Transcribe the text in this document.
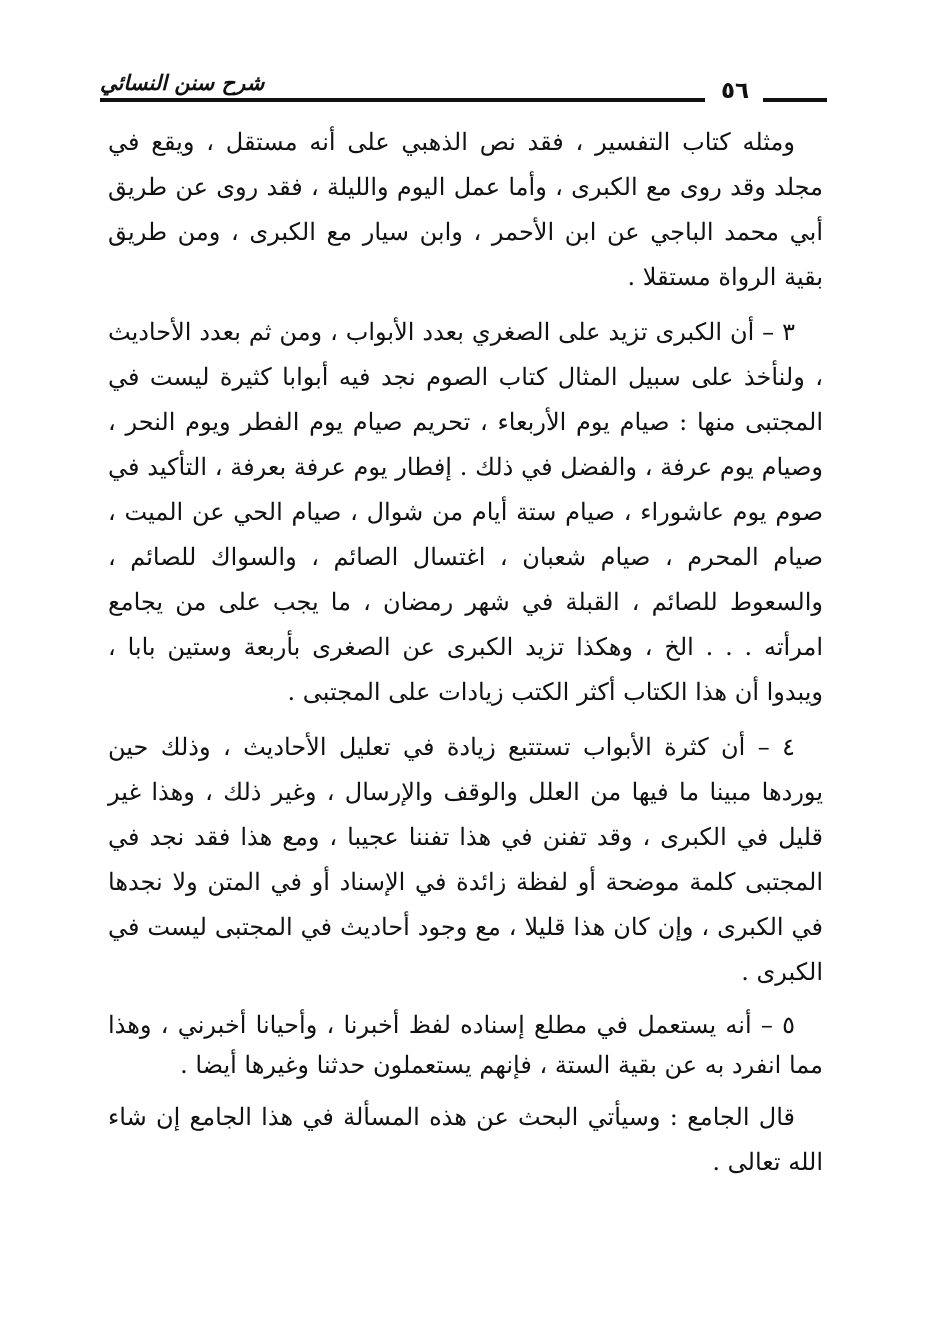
شرح سنن النسائي	٥٦

ومثله كتاب التفسير ، فقد نص الذهبي على أنه مستقل ، ويقع في مجلد وقد روى مع الكبرى ، وأما عمل اليوم والليلة ، فقد روى عن طريق أبي محمد الباجي عن ابن الأحمر ، وابن سيار مع الكبرى ، ومن طريق بقية الرواة مستقلا .

٣ – أن الكبرى تزيد على الصغري بعدد الأبواب ، ومن ثم بعدد الأحاديث ، ولنأخذ على سبيل المثال كتاب الصوم نجد فيه أبوابا كثيرة ليست في المجتبى منها : صيام يوم الأربعاء ، تحريم صيام يوم الفطر ويوم النحر ، وصيام يوم عرفة ، والفضل في ذلك . إفطار يوم عرفة بعرفة ، التأكيد في صوم يوم عاشوراء ، صيام ستة أيام من شوال ، صيام الحي عن الميت ، صيام المحرم ، صيام شعبان ، اغتسال الصائم ، والسواك للصائم ، والسعوط للصائم ، القبلة في شهر رمضان ، ما يجب على من يجامع امرأته . . . الخ ، وهكذا تزيد الكبرى عن الصغرى بأربعة وستين بابا ، ويبدوا أن هذا الكتاب أكثر الكتب زيادات على المجتبى .

٤ – أن كثرة الأبواب تستتبع زيادة في تعليل الأحاديث ، وذلك حين يوردها مبينا ما فيها من العلل والوقف والإرسال ، وغير ذلك ، وهذا غير قليل في الكبرى ، وقد تفنن في هذا تفننا عجيبا ، ومع هذا فقد نجد في المجتبى كلمة موضحة أو لفظة زائدة في الإسناد أو في المتن ولا نجدها في الكبرى ، وإن كان هذا قليلا ، مع وجود أحاديث في المجتبى ليست في الكبرى .

٥ – أنه يستعمل في مطلع إسناده لفظ أخبرنا ، وأحيانا أخبرني ، وهذا مما انفرد به عن بقية الستة ، فإنهم يستعملون حدثنا وغيرها أيضا .

قال الجامع : وسيأتي البحث عن هذه المسألة في هذا الجامع إن شاء الله تعالى .
